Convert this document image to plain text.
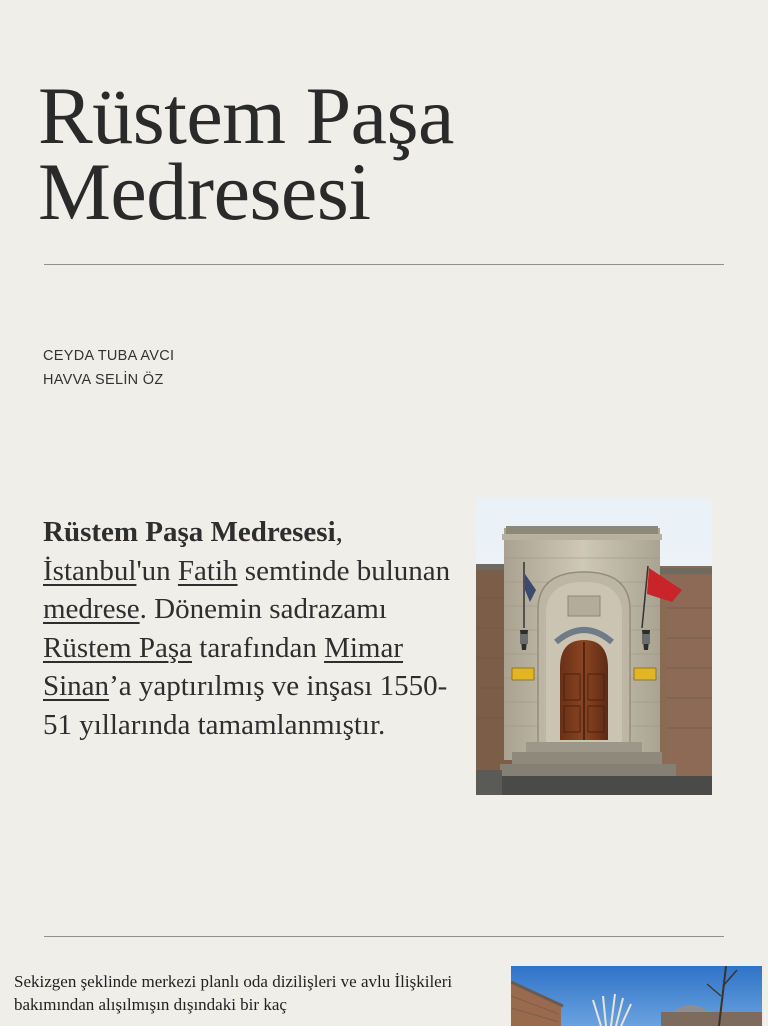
Rüstem Paşa
Medresesi
CEYDA TUBA AVCI
HAVVA SELİN ÖZ

Rüstem Paşa Medresesi, İstanbul'un Fatih semtinde bulunan medrese. Dönemin sadrazamı Rüstem Paşa tarafından Mimar Sinan’a yaptırılmış ve inşası 1550-51 yıllarında tamamlanmıştır.

Sekizgen şeklinde merkezi planlı oda dizilişleri ve avlu İlişkileri bakımından alışılmışın dışındaki bir kaç
